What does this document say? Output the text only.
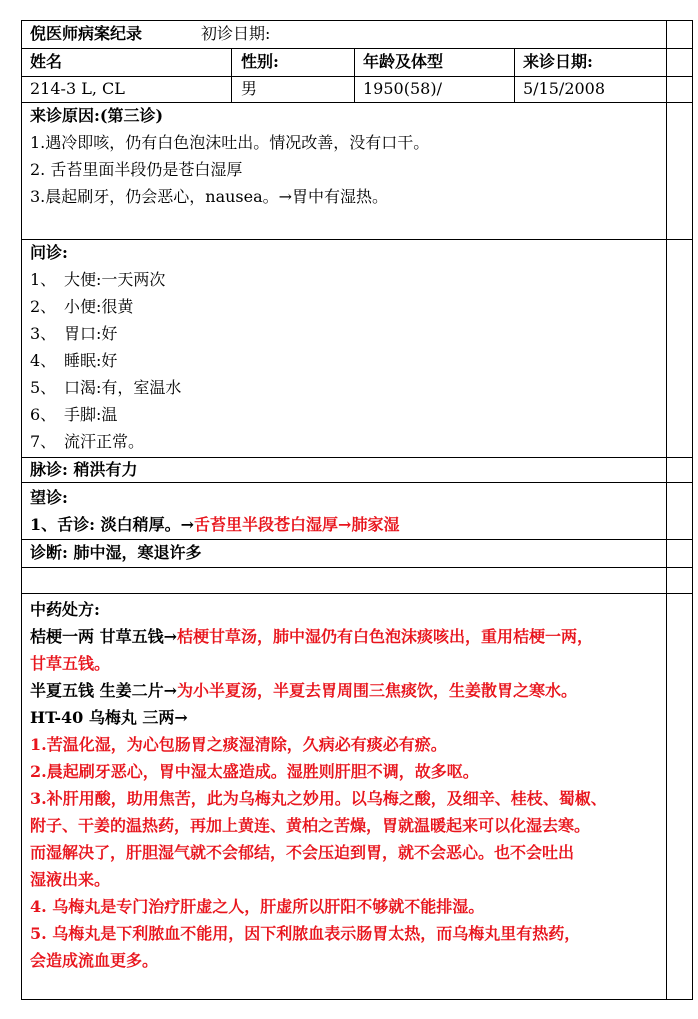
倪医师病案纪录	初诊日期:
姓名	性别:	年龄及体型	来诊日期:
214-3 L, CL	男	1950(58)/	5/15/2008
来诊原因:(第三诊)
1.遇冷即咳，仍有白色泡沫吐出。情况改善，没有口干。
2. 舌苔里面半段仍是苍白湿厚
3.晨起刷牙，仍会恶心，nausea。→胃中有湿热。
问诊:
1、 大便:一天两次
2、 小便:很黄
3、 胃口:好
4、 睡眠:好
5、 口渴:有，室温水
6、 手脚:温
7、 流汗正常。
脉诊: 稍洪有力
望诊:
1、舌诊: 淡白稍厚。→舌苔里半段苍白湿厚→肺家湿
诊断: 肺中湿，寒退许多
中药处方:
桔梗一两 甘草五钱→桔梗甘草汤，肺中湿仍有白色泡沫痰咳出，重用桔梗一两，
甘草五钱。
半夏五钱 生姜二片→为小半夏汤，半夏去胃周围三焦痰饮，生姜散胃之寒水。
HT-40 乌梅丸 三两→
1.苦温化湿，为心包肠胃之痰湿清除，久病必有痰必有瘀。
2.晨起刷牙恶心，胃中湿太盛造成。湿胜则肝胆不调，故多呕。
3.补肝用酸，助用焦苦，此为乌梅丸之妙用。以乌梅之酸，及细辛、桂枝、蜀椒、
附子、干姜的温热药，再加上黄连、黄柏之苦燥，胃就温暖起来可以化湿去寒。
而湿解决了，肝胆湿气就不会郁结，不会压迫到胃，就不会恶心。也不会吐出
湿液出来。
4. 乌梅丸是专门治疗肝虚之人，肝虚所以肝阳不够就不能排湿。
5. 乌梅丸是下利脓血不能用，因下利脓血表示肠胃太热，而乌梅丸里有热药，
会造成流血更多。
